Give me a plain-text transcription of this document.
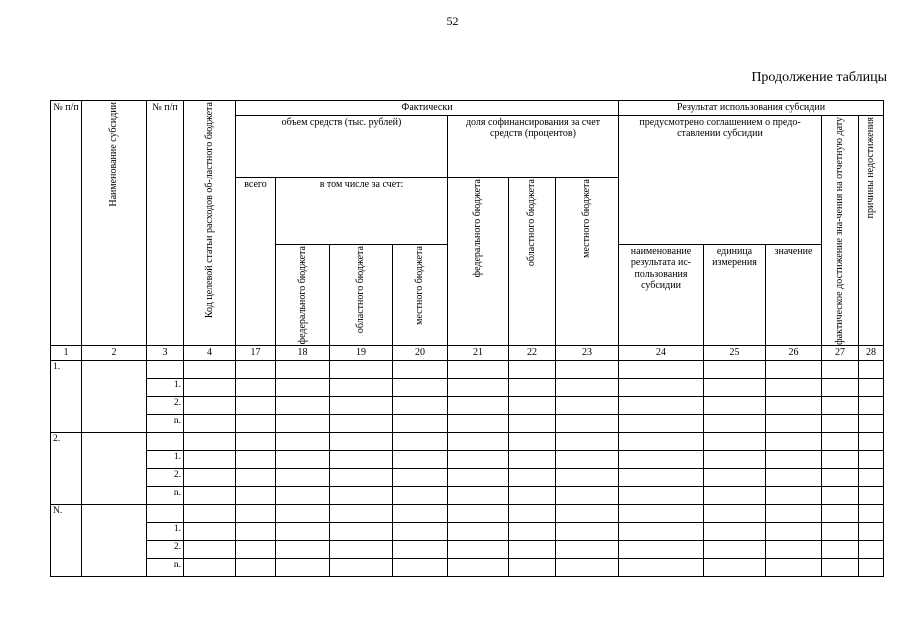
52
Продолжение таблицы
№ п/п	Наименование субсидии	№ п/п	Код целевой статьи расходов об-ластного бюджета	Фактически							Результат использования субсидии				
				объем средств (тыс. рублей)				доля софинансирования за счет средств (процентов)			предусмотрено соглашением о предо-ставлении субсидии			фактическое достижение зна-чения на отчетную дату	причины недостижения

				всего	в том числе за счет:			федерального бюджета	областного бюджета	местного бюджета					

					федерального бюджета	областного бюджета	местного бюджета				наименование результата ис-пользования субсидии	единица измерения	значение		
1	2	3	4	17	18	19	20	21	22	23	24	25	26	27	28
1.															
		1.													
		2.													
		n.													
2.															
		1.													
		2.													
		n.													
N.															
		1.													
		2.													
		n.													
